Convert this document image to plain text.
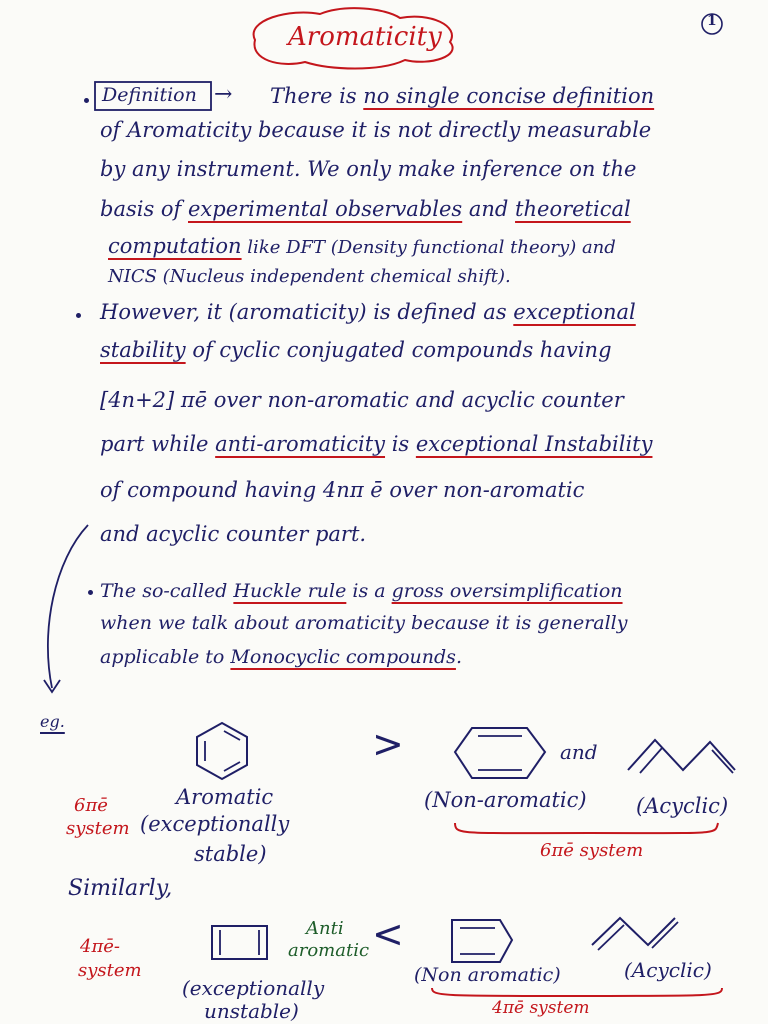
Aromaticity
1
Definition → There is no single concise definition
of Aromaticity because it is not directly measurable
by any instrument. We only make inference on the
basis of experimental observables and theoretical
computation like DFT (Density functional theory) and
NICS (Nucleus independent chemical shift).
However, it (aromaticity) is defined as exceptional
stability of cyclic conjugated compounds having
[4n+2] πē over non-aromatic and acyclic counter
part while anti-aromaticity is exceptional Instability
of compound having 4nπ ē over non-aromatic
and acyclic counter part.
The so-called Huckle rule is a gross oversimplification
when we talk about aromaticity because it is generally
applicable to Monocyclic compounds.
eg.
>	and
6πē
system
Aromatic
(exceptionally
stable)
(Non-aromatic) (Acyclic)
6πē system
Similarly,
4πē-
system
Anti
aromatic <
(exceptionally
unstable)
(Non aromatic)	(Acyclic)
4πē system
